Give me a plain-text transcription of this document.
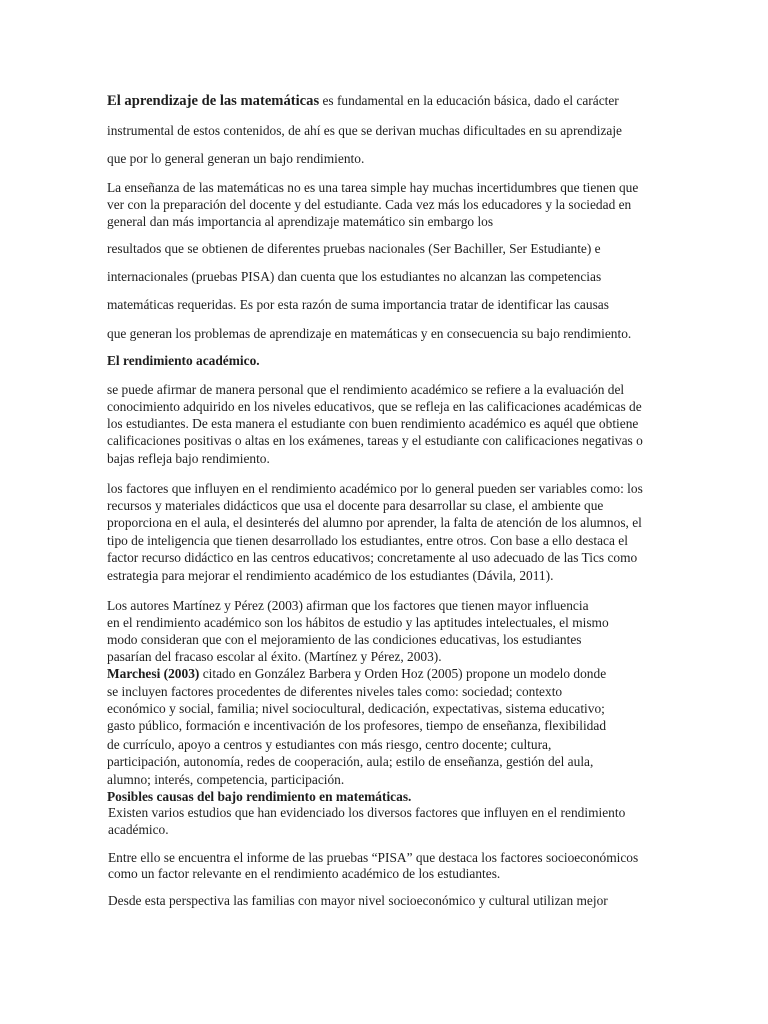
El aprendizaje de las matemáticas es fundamental en la educación básica, dado el carácter

instrumental de estos contenidos, de ahí es que se derivan muchas dificultades en su aprendizaje

que por lo general generan un bajo rendimiento.

La enseñanza de las matemáticas no es una tarea simple hay muchas incertidumbres que tienen que

ver con la preparación del docente y del estudiante. Cada vez más los educadores y la sociedad en

general dan más importancia al aprendizaje matemático sin embargo los

resultados que se obtienen de diferentes pruebas nacionales (Ser Bachiller, Ser Estudiante) e

internacionales (pruebas PISA) dan cuenta que los estudiantes no alcanzan las competencias

matemáticas requeridas. Es por esta razón de suma importancia tratar de identificar las causas

que generan los problemas de aprendizaje en matemáticas y en consecuencia su bajo rendimiento.

El rendimiento académico.

se puede afirmar de manera personal que el rendimiento académico se refiere a la evaluación del

conocimiento adquirido en los niveles educativos, que se refleja en las calificaciones académicas de

los estudiantes. De esta manera el estudiante con buen rendimiento académico es aquél que obtiene

calificaciones positivas o altas en los exámenes, tareas y el estudiante con calificaciones negativas o

bajas refleja bajo rendimiento.

los factores que influyen en el rendimiento académico por lo general pueden ser variables como: los

recursos y materiales didácticos que usa el docente para desarrollar su clase, el ambiente que

proporciona en el aula, el desinterés del alumno por aprender, la falta de atención de los alumnos, el

tipo de inteligencia que tienen desarrollado los estudiantes, entre otros. Con base a ello destaca el

factor recurso didáctico en las centros educativos; concretamente al uso adecuado de las Tics como

estrategia para mejorar el rendimiento académico de los estudiantes (Dávila, 2011).

Los autores Martínez y Pérez (2003) afirman que los factores que tienen mayor influencia

en el rendimiento académico son los hábitos de estudio y las aptitudes intelectuales, el mismo

modo consideran que con el mejoramiento de las condiciones educativas, los estudiantes

pasarían del fracaso escolar al éxito. (Martínez y Pérez, 2003).

Marchesi (2003) citado en González Barbera y Orden Hoz (2005) propone un modelo donde

se incluyen factores procedentes de diferentes niveles tales como: sociedad; contexto

económico y social, familia; nivel sociocultural, dedicación, expectativas, sistema educativo;

gasto público, formación e incentivación de los profesores, tiempo de enseñanza, flexibilidad

de currículo, apoyo a centros y estudiantes con más riesgo, centro docente; cultura,

participación, autonomía, redes de cooperación, aula; estilo de enseñanza, gestión del aula,

alumno; interés, competencia, participación.

Posibles causas del bajo rendimiento en matemáticas.

Existen varios estudios que han evidenciado los diversos factores que influyen en el rendimiento

académico.

Entre ello se encuentra el informe de las pruebas “PISA” que destaca los factores socioeconómicos

como un factor relevante en el rendimiento académico de los estudiantes.

Desde esta perspectiva las familias con mayor nivel socioeconómico y cultural utilizan mejor
